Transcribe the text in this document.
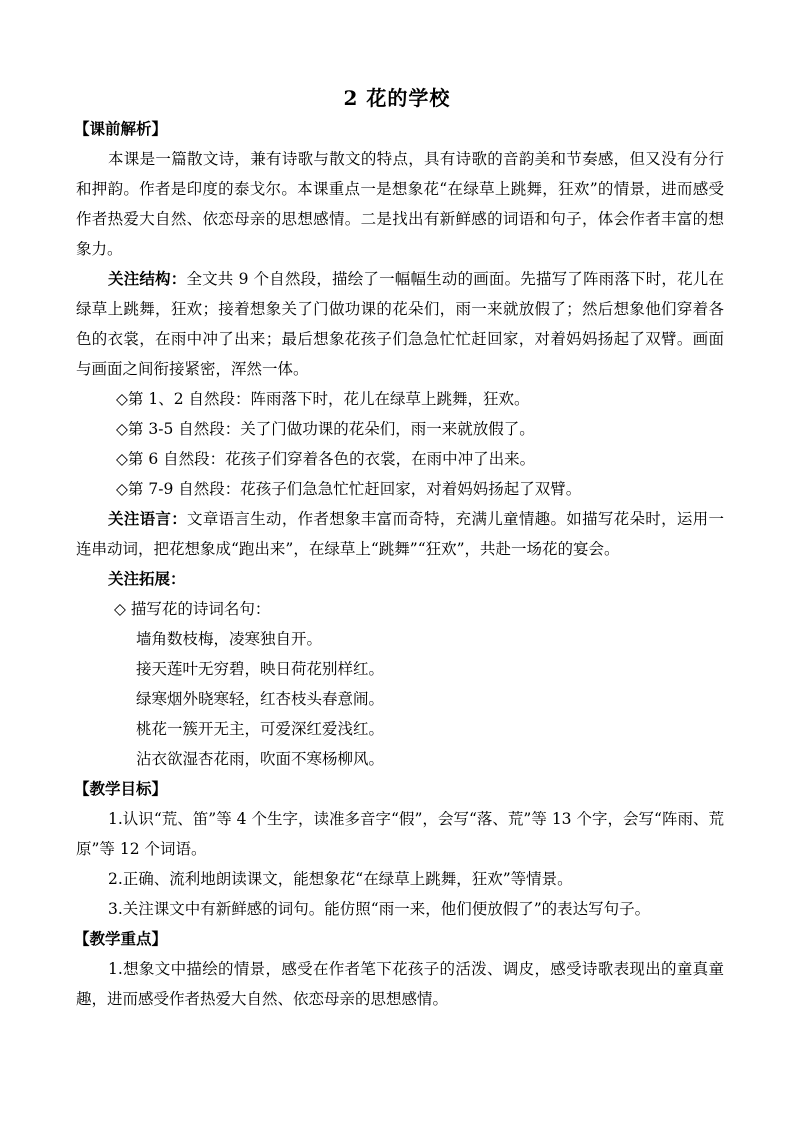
2 花的学校
【课前解析】
本课是一篇散文诗，兼有诗歌与散文的特点，具有诗歌的音韵美和节奏感，但又没有分行和押韵。作者是印度的泰戈尔。本课重点一是想象花“在绿草上跳舞，狂欢”的情景，进而感受作者热爱大自然、依恋母亲的思想感情。二是找出有新鲜感的词语和句子，体会作者丰富的想象力。
关注结构：全文共 9 个自然段，描绘了一幅幅生动的画面。先描写了阵雨落下时，花儿在绿草上跳舞，狂欢；接着想象关了门做功课的花朵们，雨一来就放假了；然后想象他们穿着各色的衣裳，在雨中冲了出来；最后想象花孩子们急急忙忙赶回家，对着妈妈扬起了双臂。画面与画面之间衔接紧密，浑然一体。
◇第 1、2 自然段：阵雨落下时，花儿在绿草上跳舞，狂欢。
◇第 3-5 自然段：关了门做功课的花朵们，雨一来就放假了。
◇第 6 自然段：花孩子们穿着各色的衣裳，在雨中冲了出来。
◇第 7-9 自然段：花孩子们急急忙忙赶回家，对着妈妈扬起了双臂。
关注语言：文章语言生动，作者想象丰富而奇特，充满儿童情趣。如描写花朵时，运用一连串动词，把花想象成“跑出来”，在绿草上“跳舞”“狂欢”，共赴一场花的宴会。
关注拓展：
◇ 描写花的诗词名句：
墙角数枝梅，凌寒独自开。
接天莲叶无穷碧，映日荷花别样红。
绿寒烟外晓寒轻，红杏枝头春意闹。
桃花一簇开无主，可爱深红爱浅红。
沾衣欲湿杏花雨，吹面不寒杨柳风。
【教学目标】
1.认识“荒、笛”等 4 个生字，读准多音字“假”，会写“落、荒”等 13 个字，会写“阵雨、荒原”等 12 个词语。
2.正确、流利地朗读课文，能想象花“在绿草上跳舞，狂欢”等情景。
3.关注课文中有新鲜感的词句。能仿照“雨一来，他们便放假了”的表达写句子。
【教学重点】
1.想象文中描绘的情景，感受在作者笔下花孩子的活泼、调皮，感受诗歌表现出的童真童趣，进而感受作者热爱大自然、依恋母亲的思想感情。
